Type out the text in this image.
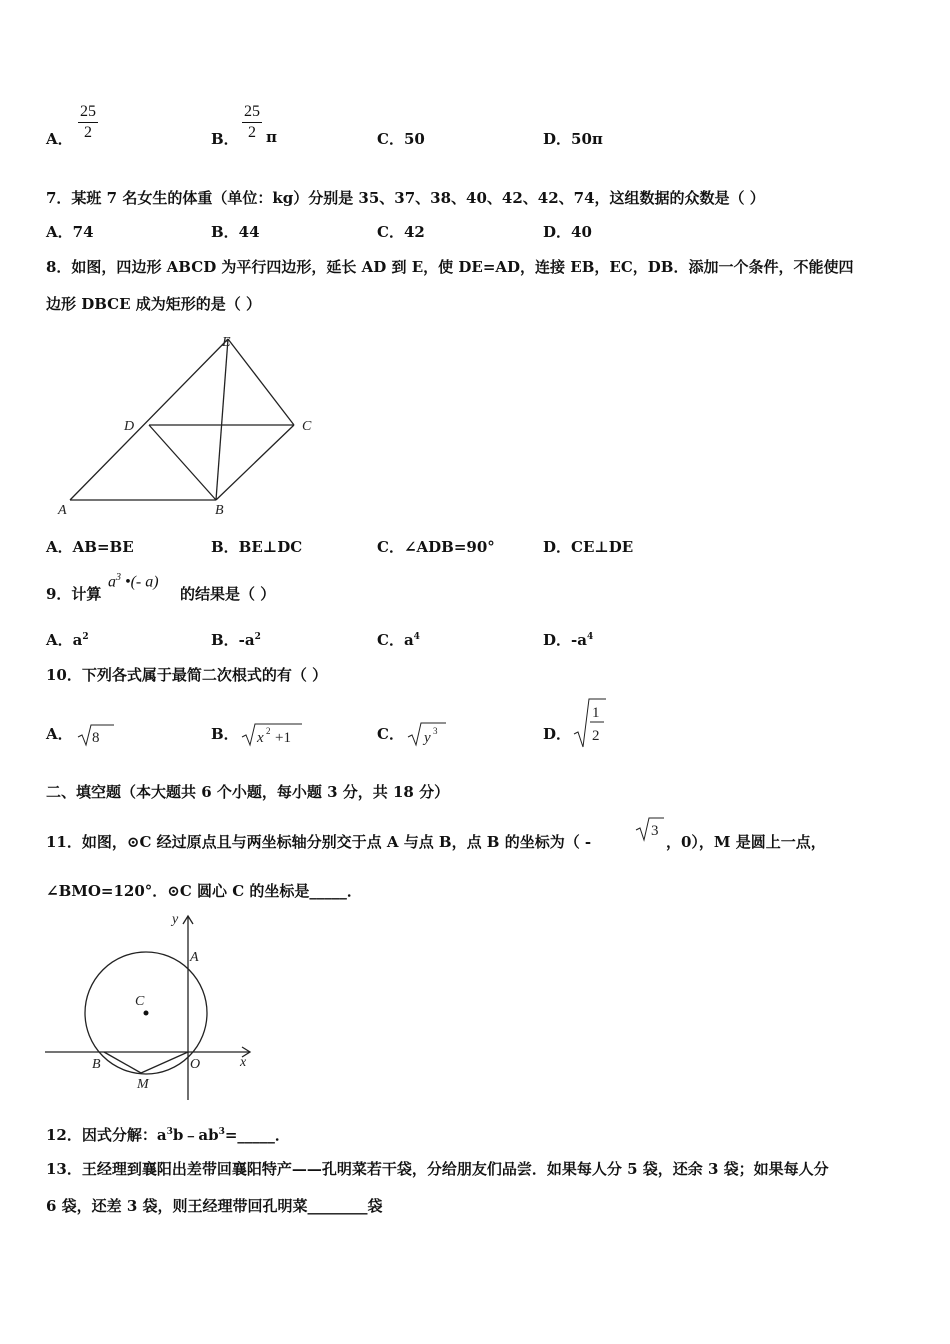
A． $\frac{25}{2}$	B． $\frac{25}{2}$ π	C．50	D．50π
7．某班 7 名女生的体重（单位：kg）分别是 35、37、38、40、42、42、74，这组数据的众数是（ ）
A．74	B．44	C．42	D．40
8．如图，四边形 ABCD 为平行四边形，延长 AD 到 E，使 DE=AD，连接 EB，EC，DB．添加一个条件，不能使四
边形 DBCE 成为矩形的是（ ）
E
D	C
A	B
A．AB=BE	B．BE⊥DC	C．∠ADB=90°	D．CE⊥DE
9．计算
$a^3$ •(- a)
的结果是（ ）
A．$a^2$	B．$-a^2$	C．$a^4$	D．$-a^4$
10．下列各式属于最简二次根式的有（ ）
A． 8	B． x 2 +1	C． y 3	D．
1
2
二、填空题（本大题共 6 个小题，每小题 3 分，共 18 分）
11．如图，⊙C 经过原点且与两坐标轴分别交于点 A 与点 B，点 B 的坐标为（ -
3
，0），M 是圆上一点，
∠BMO=120°．⊙C 圆心 C 的坐标是_____．
y
x
A
C
B	O
M
12．因式分解：$a^3b﹣ab^3=\_\_\_\_\_$．
13．王经理到襄阳出差带回襄阳特产——孔明菜若干袋，分给朋友们品尝．如果每人分 5 袋，还余 3 袋；如果每人分
6 袋，还差 3 袋，则王经理带回孔明菜________袋
